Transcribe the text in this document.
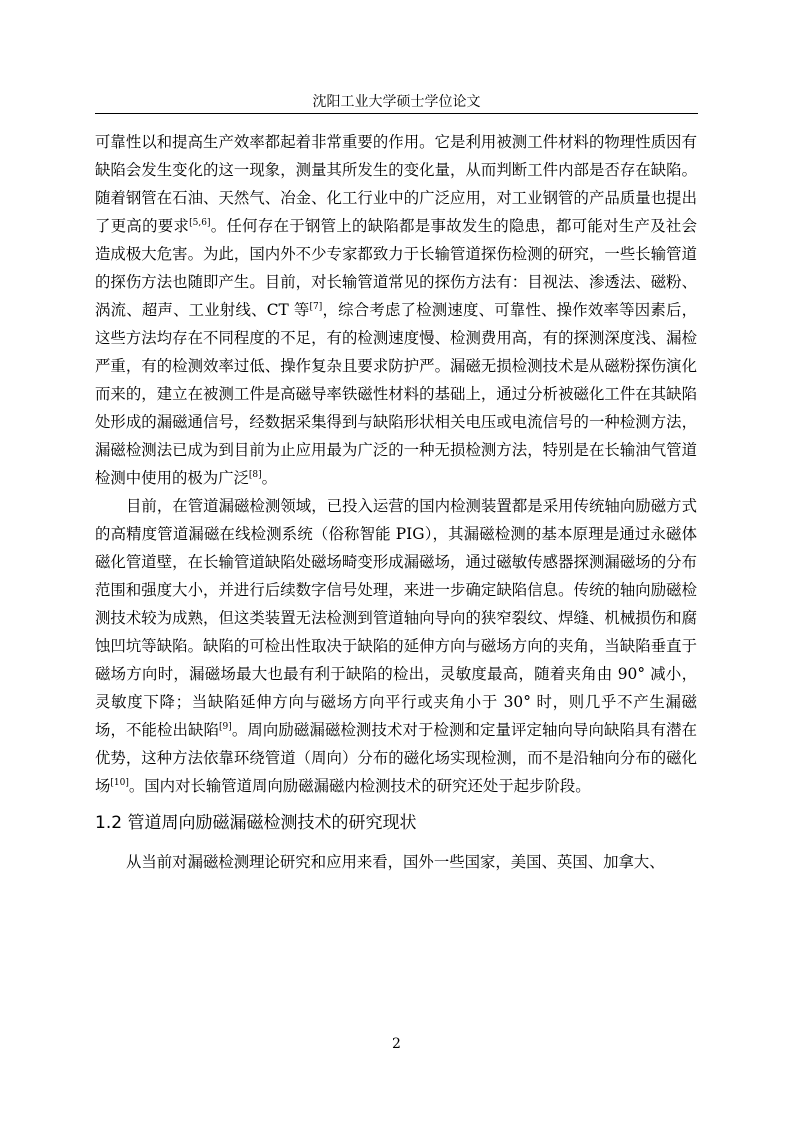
沈阳工业大学硕士学位论文

可靠性以和提高生产效率都起着非常重要的作用。它是利用被测工件材料的物理性质因有缺陷会发生变化的这一现象，测量其所发生的变化量，从而判断工件内部是否存在缺陷。随着钢管在石油、天然气、冶金、化工行业中的广泛应用，对工业钢管的产品质量也提出了更高的要求[5,6]。任何存在于钢管上的缺陷都是事故发生的隐患，都可能对生产及社会造成极大危害。为此，国内外不少专家都致力于长输管道探伤检测的研究，一些长输管道的探伤方法也随即产生。目前，对长输管道常见的探伤方法有：目视法、渗透法、磁粉、涡流、超声、工业射线、CT 等[7]，综合考虑了检测速度、可靠性、操作效率等因素后，这些方法均存在不同程度的不足，有的检测速度慢、检测费用高，有的探测深度浅、漏检严重，有的检测效率过低、操作复杂且要求防护严。漏磁无损检测技术是从磁粉探伤演化而来的，建立在被测工件是高磁导率铁磁性材料的基础上，通过分析被磁化工件在其缺陷处形成的漏磁通信号，经数据采集得到与缺陷形状相关电压或电流信号的一种检测方法，漏磁检测法已成为到目前为止应用最为广泛的一种无损检测方法，特别是在长输油气管道检测中使用的极为广泛[8]。

目前，在管道漏磁检测领域，已投入运营的国内检测装置都是采用传统轴向励磁方式的高精度管道漏磁在线检测系统（俗称智能 PIG），其漏磁检测的基本原理是通过永磁体磁化管道壁，在长输管道缺陷处磁场畸变形成漏磁场，通过磁敏传感器探测漏磁场的分布范围和强度大小，并进行后续数字信号处理，来进一步确定缺陷信息。传统的轴向励磁检测技术较为成熟，但这类装置无法检测到管道轴向导向的狭窄裂纹、焊缝、机械损伤和腐蚀凹坑等缺陷。缺陷的可检出性取决于缺陷的延伸方向与磁场方向的夹角，当缺陷垂直于磁场方向时，漏磁场最大也最有利于缺陷的检出，灵敏度最高，随着夹角由 90° 减小，灵敏度下降；当缺陷延伸方向与磁场方向平行或夹角小于 30° 时，则几乎不产生漏磁场，不能检出缺陷[9]。周向励磁漏磁检测技术对于检测和定量评定轴向导向缺陷具有潜在优势，这种方法依靠环绕管道（周向）分布的磁化场实现检测，而不是沿轴向分布的磁化场[10]。国内对长输管道周向励磁漏磁内检测技术的研究还处于起步阶段。

1.2 管道周向励磁漏磁检测技术的研究现状

从当前对漏磁检测理论研究和应用来看，国外一些国家，美国、英国、加拿大、

2
